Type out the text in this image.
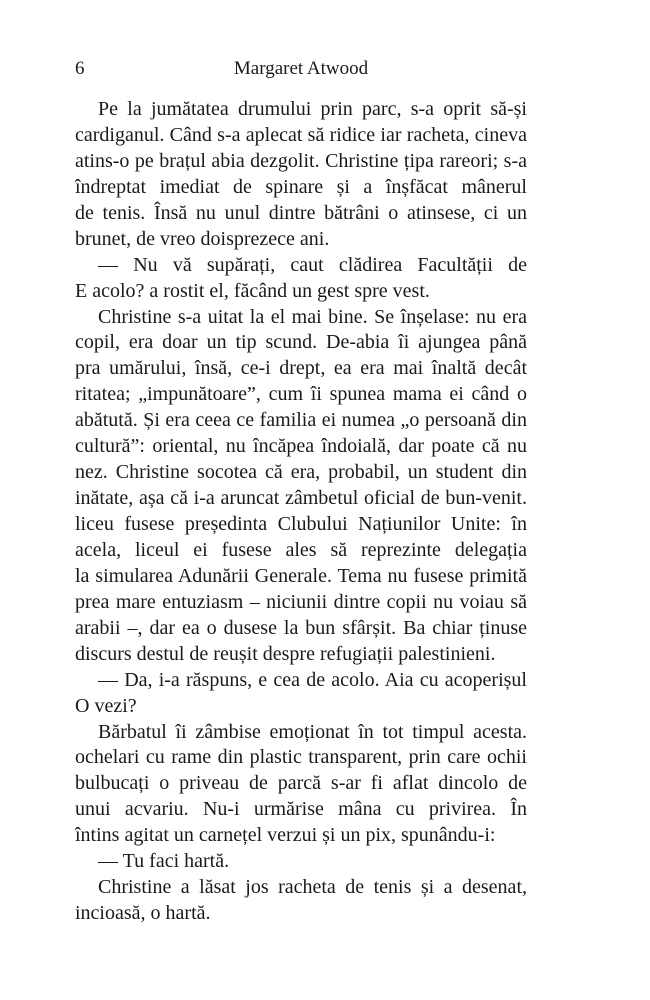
6	Margaret Atwood
Pe la jumătatea drumului prin parc, s-a oprit să-și
cardiganul. Când s-a aplecat să ridice iar racheta, cineva
atins-o pe brațul abia dezgolit. Christine țipa rareori; s-a
îndreptat imediat de spinare și a înșfăcat mânerul
de tenis. Însă nu unul dintre bătrâni o atinsese, ci un
brunet, de vreo doisprezece ani.
— Nu vă supărați, caut clădirea Facultății de
E acolo? a rostit el, făcând un gest spre vest.
Christine s-a uitat la el mai bine. Se înșelase: nu era
copil, era doar un tip scund. De-abia îi ajungea până
pra umărului, însă, ce-i drept, ea era mai înaltă decât
ritatea; „impunătoare”, cum îi spunea mama ei când o
abătută. Și era ceea ce familia ei numea „o persoană din
cultură”: oriental, nu încăpea îndoială, dar poate că nu
nez. Christine socotea că era, probabil, un student din
inătate, așa că i-a aruncat zâmbetul oficial de bun-venit.
liceu fusese președinta Clubului Națiunilor Unite: în
acela, liceul ei fusese ales să reprezinte delegația
la simularea Adunării Generale. Tema nu fusese primită
prea mare entuziasm – niciunii dintre copii nu voiau să
arabii –, dar ea o dusese la bun sfârșit. Ba chiar ținuse
discurs destul de reușit despre refugiații palestinieni.
— Da, i-a răspuns, e cea de acolo. Aia cu acoperișul
O vezi?
Bărbatul îi zâmbise emoționat în tot timpul acesta.
ochelari cu rame din plastic transparent, prin care ochii
bulbucați o priveau de parcă s-ar fi aflat dincolo de
unui acvariu. Nu-i urmărise mâna cu privirea. În
întins agitat un carnețel verzui și un pix, spunându-i:
— Tu faci hartă.
Christine a lăsat jos racheta de tenis și a desenat,
incioasă, o hartă.
